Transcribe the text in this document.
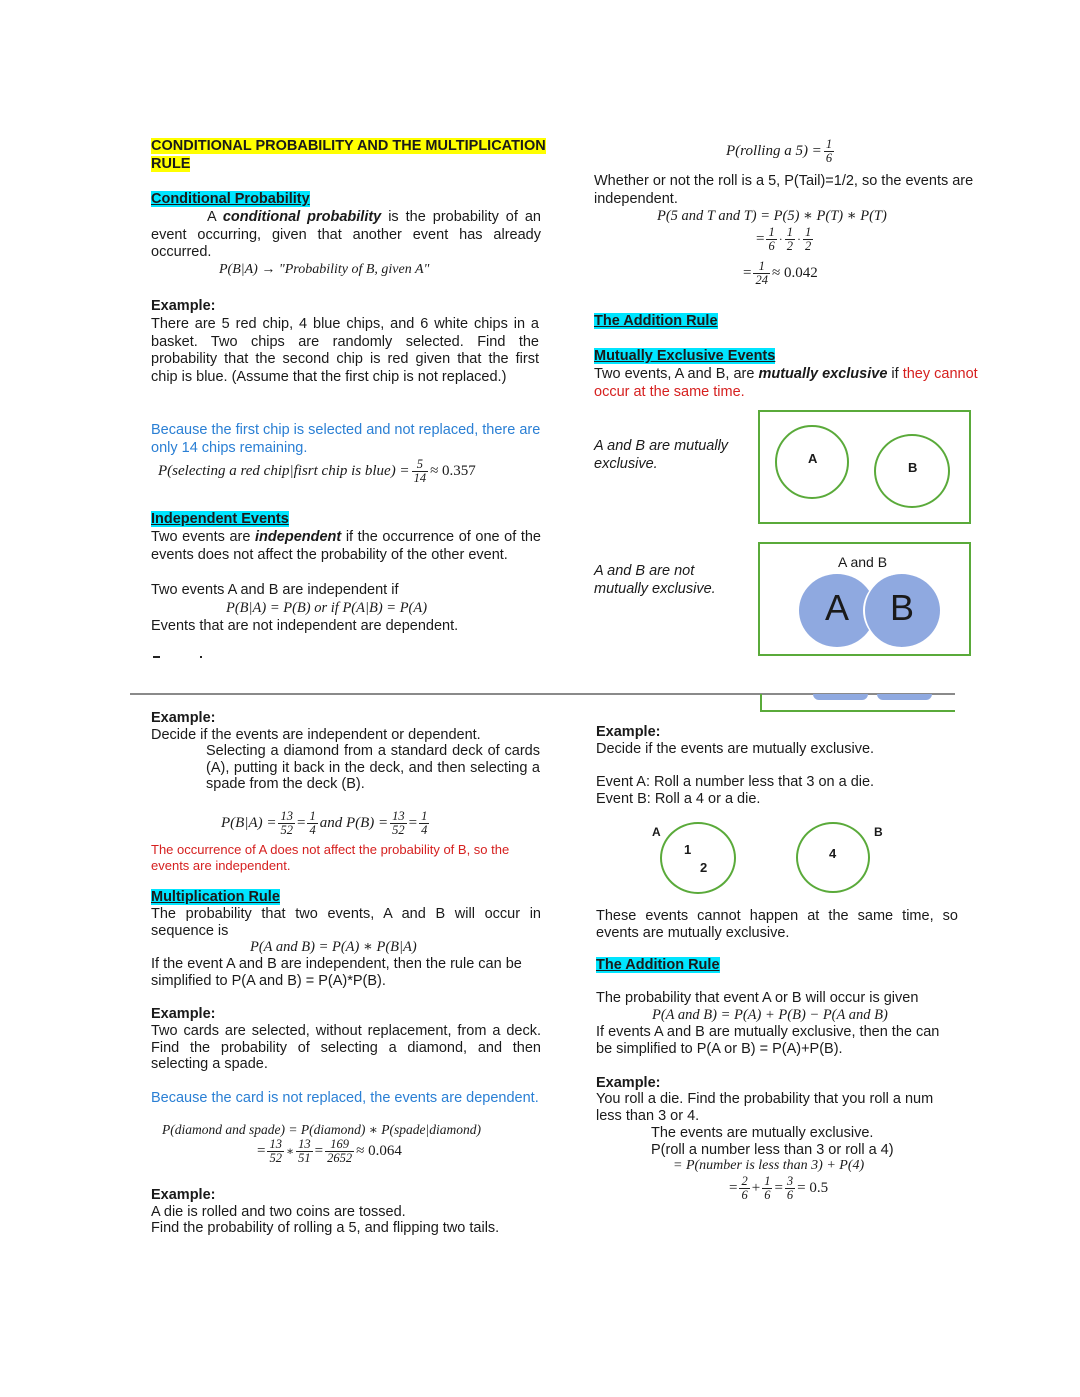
CONDITIONAL PROBABILITY AND THE MULTIPLICATION RULE
Conditional Probability
A conditional probability is the probability of an event occurring, given that another event has already occurred.
P(B|A) → "Probability of B, given A"
Example:
There are 5 red chip, 4 blue chips, and 6 white chips in a basket. Two chips are randomly selected. Find the probability that the second chip is red given that the first chip is blue. (Assume that the first chip is not replaced.)
Because the first chip is selected and not replaced, there are only 14 chips remaining.
P(selecting a red chip|fisrt chip is blue) = $\frac{5}{14} \approx 0.357$
Independent Events
Two events are independent if the occurrence of one of the events does not affect the probability of the other event.
Two events A and B are independent if
P(B|A) = P(B) or if P(A|B) = P(A)
Events that are not independent are dependent.
P(rolling a $5) = \frac{1}{6}$
Whether or not the roll is a 5, P(Tail)=1/2, so the events are independent.
P(5 and T and T) = P(5) ∗ P(T) ∗ P(T)
= $\frac{1}{6} \cdot \frac{1}{2} \cdot \frac{1}{2}$
= $\frac{1}{24} \approx 0.042$
The Addition Rule
Mutually Exclusive Events
Two events, A and B, are mutually exclusive if they cannot occur at the same time.
A and B are mutually exclusive.	A
B
A and B are not mutually exclusive.
A and B
A B
Example:
Decide if the events are independent or dependent.
Selecting a diamond from a standard deck of cards (A), putting it back in the deck, and then selecting a spade from the deck (B).
$P(B|A) = \frac{13}{52} = \frac{1}{4}$ and $P(B) = \frac{13}{52} = \frac{1}{4}$
The occurrence of A does not affect the probability of B, so the events are independent.
Multiplication Rule
The probability that two events, A and B will occur in sequence is
P(A and B) = P(A) ∗ P(B|A)
If the event A and B are independent, then the rule can be simplified to P(A and B) = P(A)*P(B).
Example:
Two cards are selected, without replacement, from a deck. Find the probability of selecting a diamond, and then selecting a spade.
Because the card is not replaced, the events are dependent.
P(diamond and spade) = P(diamond) ∗ P(spade|diamond)
= $\frac{13}{52}$ ∗ $\frac{13}{51} = \frac{169}{2652} \approx 0.064$
Example:
A die is rolled and two coins are tossed.
Find the probability of rolling a 5, and flipping two tails.
Example:
Decide if the events are mutually exclusive.
Event A: Roll a number less that 3 on a die.
Event B: Roll a 4 or a die.
A
1
2
4
B
These events cannot happen at the same time, so events are mutually exclusive.
The Addition Rule
The probability that event A or B will occur is given
P(A and B) = P(A) + P(B) − P(A and B)
If events A and B are mutually exclusive, then the can be simplified to P(A or B) = P(A)+P(B).
Example:
You roll a die. Find the probability that you roll a num less than 3 or 4.
The events are mutually exclusive.
P(roll a number less than 3 or roll a 4)
= P(number is less than 3) + P(4)
= $\frac{2}{6} + \frac{1}{6} = \frac{3}{6} = 0.5$
